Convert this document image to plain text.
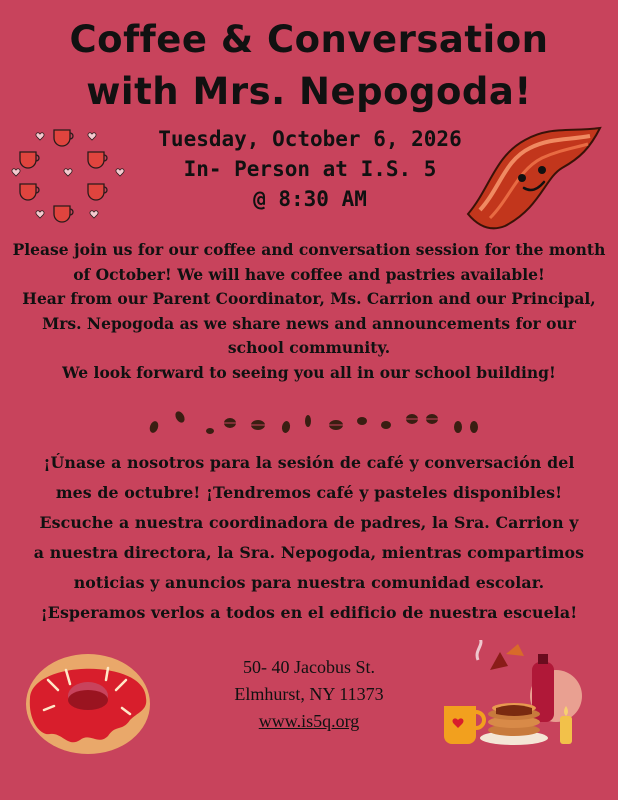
Coffee & Conversation
with Mrs. Nepogoda!
Tuesday, October 6, 2026
In- Person at I.S. 5
@ 8:30 AM
Please join us for our coffee and conversation session for the month
of October! We will have coffee and pastries available!
Hear from our Parent Coordinator, Ms. Carrion and our Principal,
Mrs. Nepogoda as we share news and announcements for our
school community.
We look forward to seeing you all in our school building!
¡Únase a nosotros para la sesión de café y conversación del
mes de octubre! ¡Tendremos café y pasteles disponibles!
Escuche a nuestra coordinadora de padres, la Sra. Carrion y
a nuestra directora, la Sra. Nepogoda, mientras compartimos
noticias y anuncios para nuestra comunidad escolar.
¡Esperamos verlos a todos en el edificio de nuestra escuela!
50- 40 Jacobus St.
Elmhurst, NY 11373
www.is5q.org
